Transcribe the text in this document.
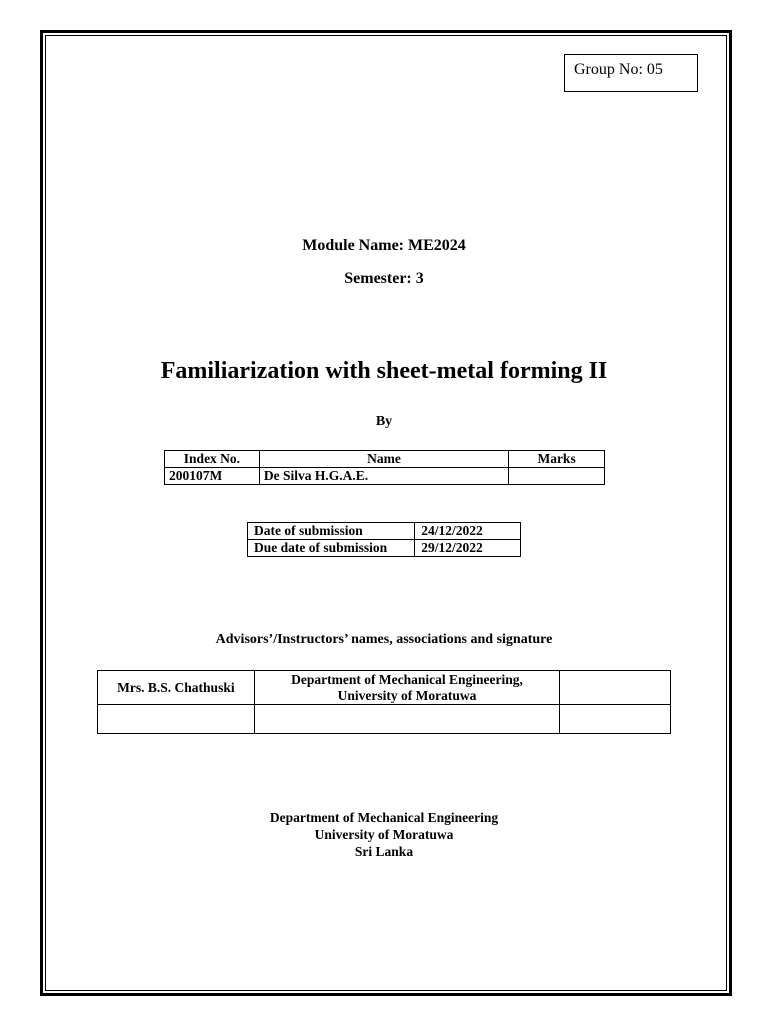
Group No: 05
Module Name: ME2024
Semester: 3
Familiarization with sheet-metal forming II
By
Index No.	Name	Marks
200107M	De Silva H.G.A.E.	
Date of submission	24/12/2022
Due date of submission	29/12/2022
Advisors’/Instructors’ names, associations and signature
Mrs. B.S. Chathuski	Department of Mechanical Engineering,
University of Moratuwa	

Department of Mechanical Engineering
University of Moratuwa
Sri Lanka
